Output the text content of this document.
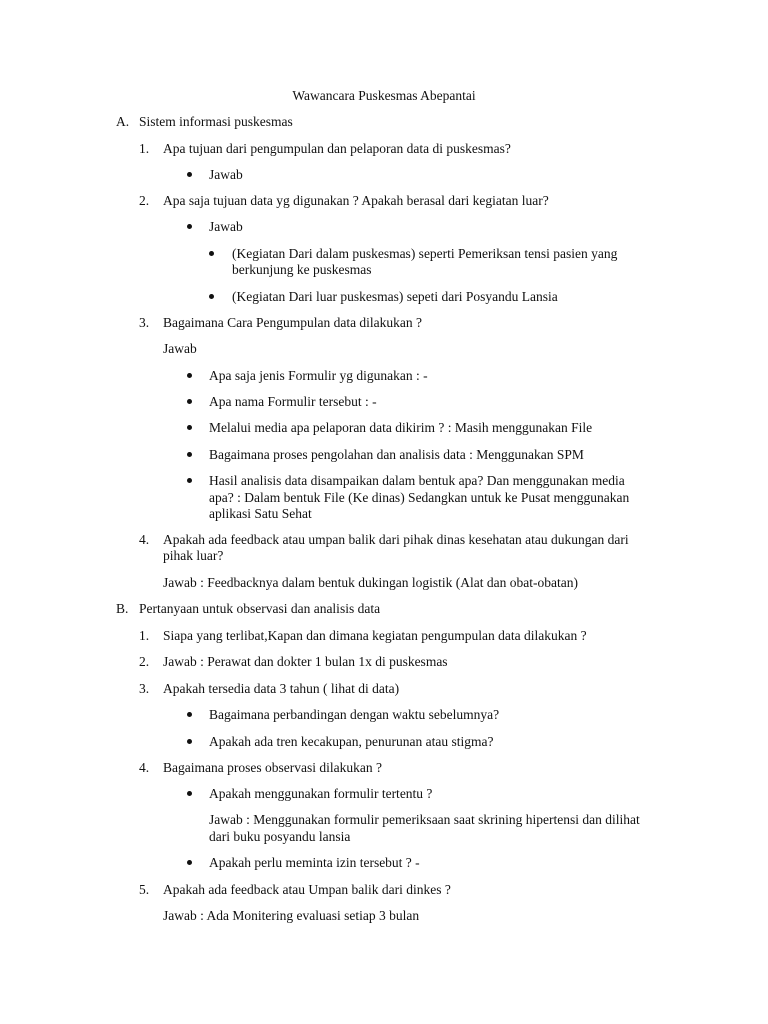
Wawancara Puskesmas Abepantai
A. Sistem informasi puskesmas
1. Apa tujuan dari pengumpulan dan pelaporan data di puskesmas?
Jawab
2. Apa saja tujuan data yg digunakan ? Apakah berasal dari kegiatan luar?
Jawab
(Kegiatan Dari dalam puskesmas) seperti Pemeriksan tensi pasien yang
berkunjung ke puskesmas
(Kegiatan Dari luar puskesmas) sepeti dari Posyandu Lansia
3. Bagaimana Cara Pengumpulan data dilakukan ?
Jawab
Apa saja jenis Formulir yg digunakan : -
Apa nama Formulir tersebut : -
Melalui media apa pelaporan data dikirim ? : Masih menggunakan File
Bagaimana proses pengolahan dan analisis data : Menggunakan SPM
Hasil analisis data disampaikan dalam bentuk apa? Dan menggunakan media
apa? : Dalam bentuk File (Ke dinas) Sedangkan untuk ke Pusat menggunakan
aplikasi Satu Sehat
4. Apakah ada feedback atau umpan balik dari pihak dinas kesehatan atau dukungan dari
pihak luar?
Jawab : Feedbacknya dalam bentuk dukingan logistik (Alat dan obat-obatan)
B. Pertanyaan untuk observasi dan analisis data
1. Siapa yang terlibat,Kapan dan dimana kegiatan pengumpulan data dilakukan ?
2. Jawab : Perawat dan dokter 1 bulan 1x di puskesmas
3. Apakah tersedia data 3 tahun ( lihat di data)
Bagaimana perbandingan dengan waktu sebelumnya?
Apakah ada tren kecakupan, penurunan atau stigma?
4. Bagaimana proses observasi dilakukan ?
Apakah menggunakan formulir tertentu ?
Jawab : Menggunakan formulir pemeriksaan saat skrining hipertensi dan dilihat
dari buku posyandu lansia
Apakah perlu meminta izin tersebut ? -
5. Apakah ada feedback atau Umpan balik dari dinkes ?
Jawab : Ada Monitering evaluasi setiap 3 bulan
